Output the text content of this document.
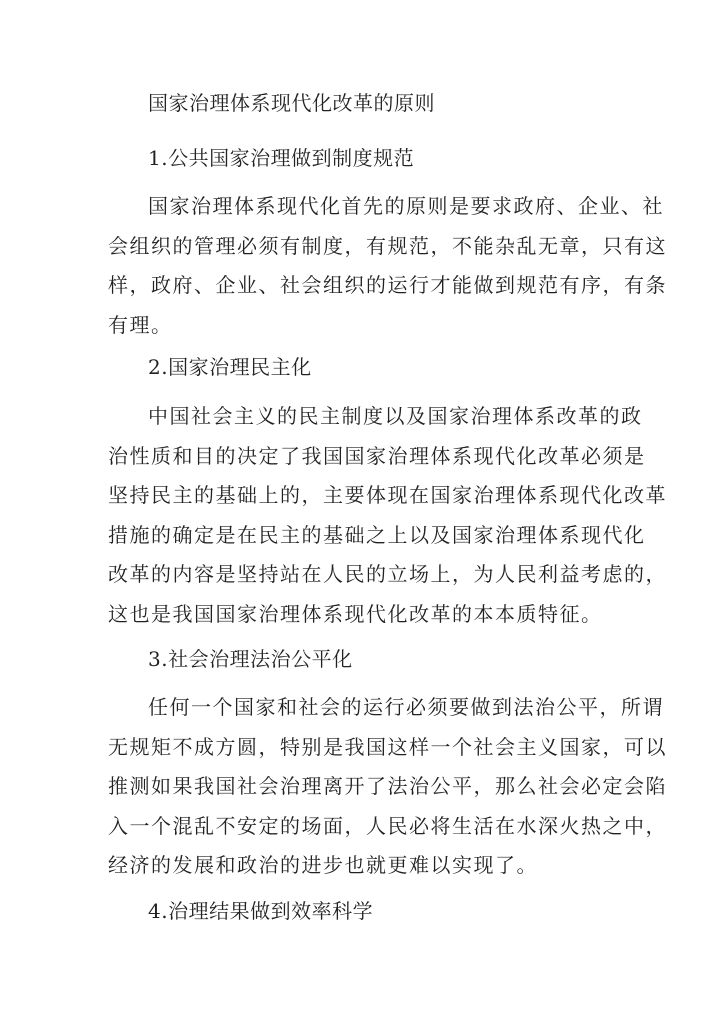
国家治理体系现代化改革的原则

1.公共国家治理做到制度规范

国家治理体系现代化首先的原则是要求政府、企业、社
会组织的管理必须有制度，有规范，不能杂乱无章，只有这
样，政府、企业、社会组织的运行才能做到规范有序，有条
有理。

2.国家治理民主化

中国社会主义的民主制度以及国家治理体系改革的政
治性质和目的决定了我国国家治理体系现代化改革必须是
坚持民主的基础上的，主要体现在国家治理体系现代化改革
措施的确定是在民主的基础之上以及国家治理体系现代化
改革的内容是坚持站在人民的立场上，为人民利益考虑的，
这也是我国国家治理体系现代化改革的本本质特征。

3.社会治理法治公平化

任何一个国家和社会的运行必须要做到法治公平，所谓
无规矩不成方圆，特别是我国这样一个社会主义国家，可以
推测如果我国社会治理离开了法治公平，那么社会必定会陷
入一个混乱不安定的场面，人民必将生活在水深火热之中，
经济的发展和政治的进步也就更难以实现了。

4.治理结果做到效率科学
